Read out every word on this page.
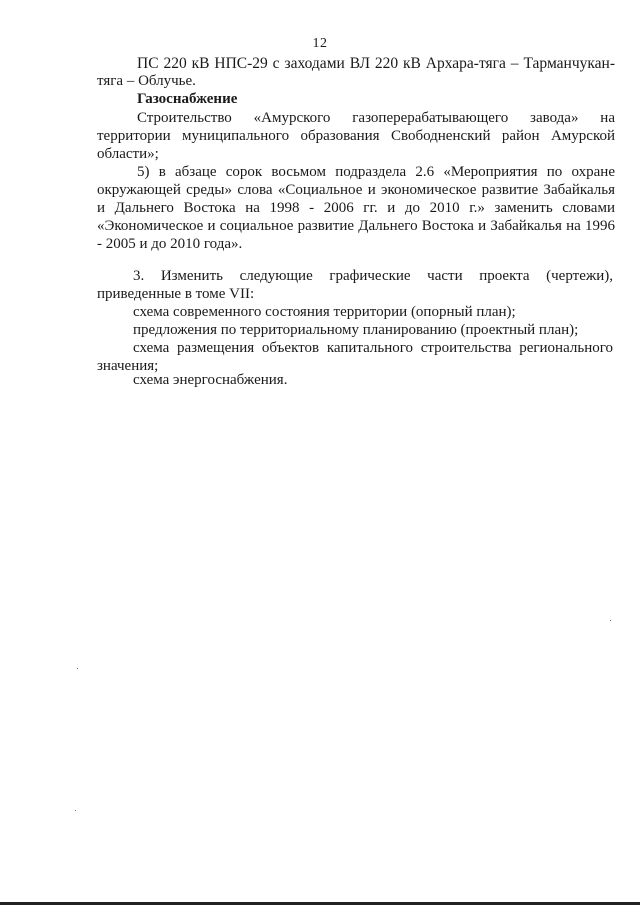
12
ПС 220 кВ НПС-29 с заходами ВЛ 220 кВ Архара-тяга – Тарманчукан-
тяга – Облучье.
Газоснабжение
Строительство «Амурского газоперерабатывающего завода» на
территории муниципального образования Свободненский район Амурской
области»;
5) в абзаце сорок восьмом подраздела 2.6 «Мероприятия по охране
окружающей среды» слова «Социальное и экономическое развитие Забайкалья
и Дальнего Востока на 1998 - 2006 гг. и до 2010 г.» заменить словами
«Экономическое и социальное развитие Дальнего Востока и Забайкалья на 1996
- 2005 и до 2010 года».
3. Изменить следующие графические части проекта (чертежи),
приведенные в томе VII:
схема современного состояния территории (опорный план);
предложения по территориальному планированию (проектный план);
схема размещения объектов капитального строительства регионального
значения;
схема энергоснабжения.
